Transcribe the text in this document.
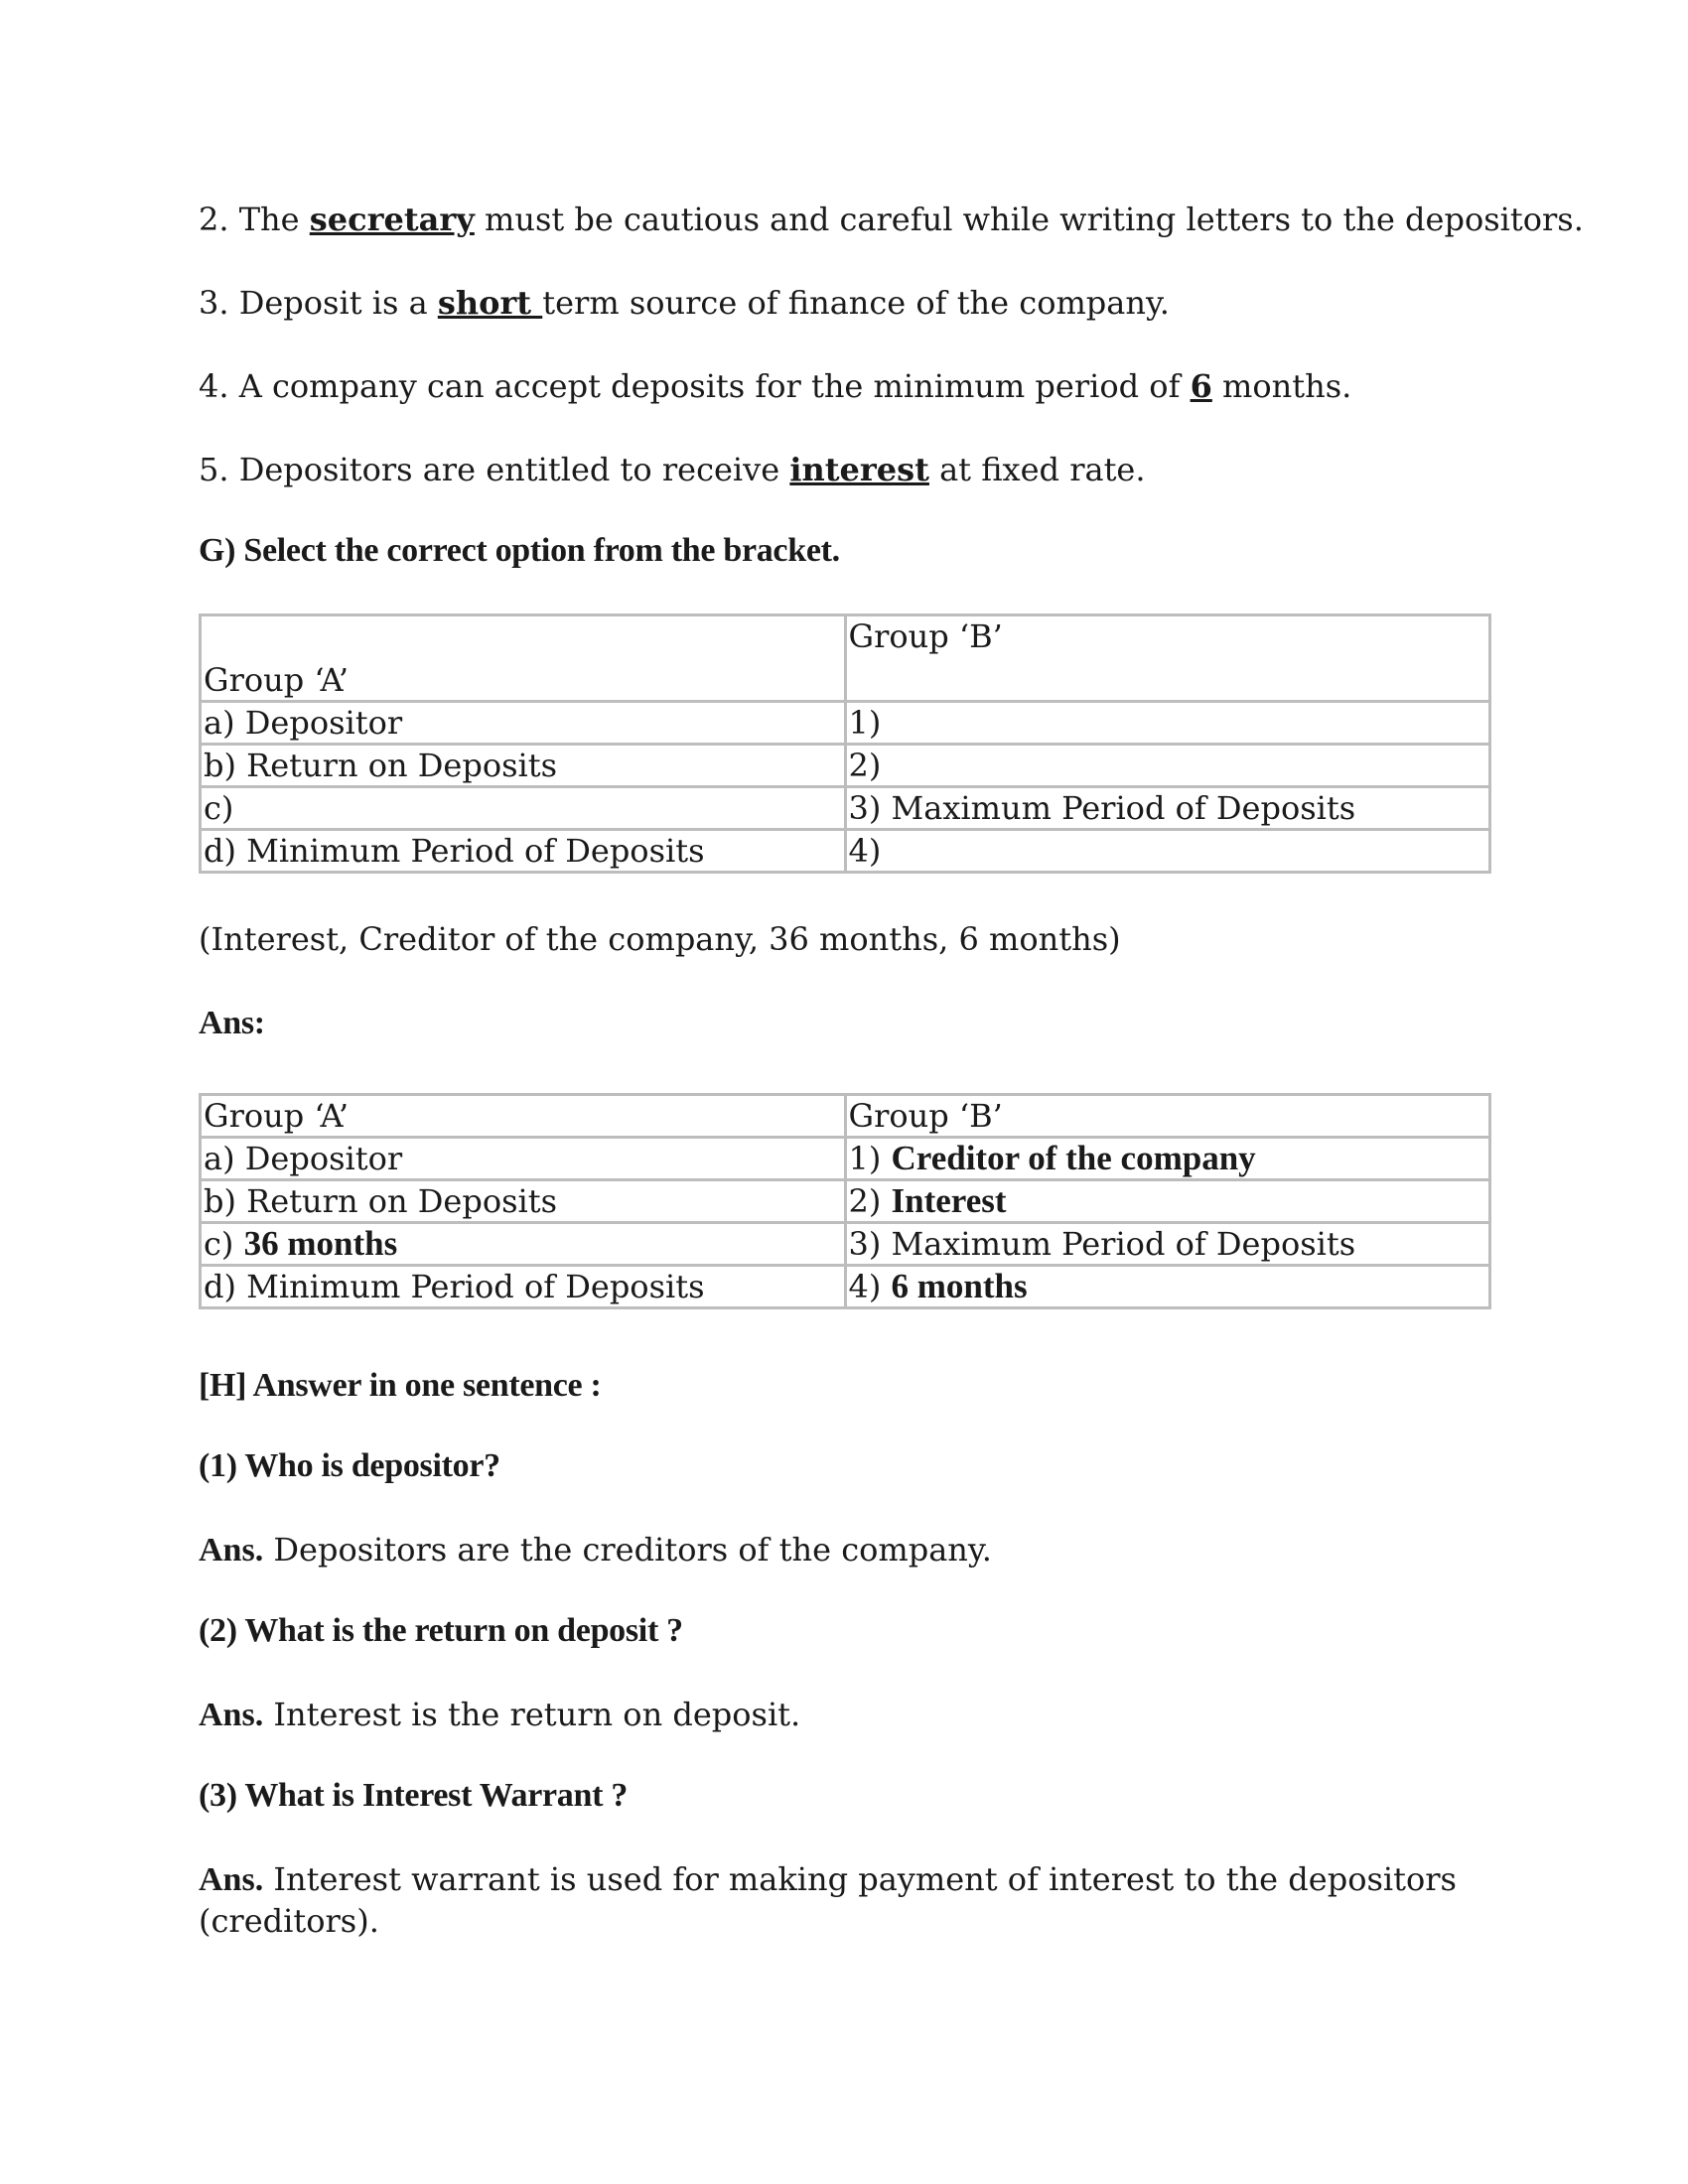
2. The secretary must be cautious and careful while writing letters to the depositors.
3. Deposit is a short term source of finance of the company.
4. A company can accept deposits for the minimum period of 6 months.
5. Depositors are entitled to receive interest at fixed rate.
G) Select the correct option from the bracket.
Group ‘A’	Group ‘B’
a) Depositor	1)
b) Return on Deposits	2)
c)	3) Maximum Period of Deposits
d) Minimum Period of Deposits	4)
(Interest, Creditor of the company, 36 months, 6 months)
Ans:
Group ‘A’	Group ‘B’
a) Depositor	1) Creditor of the company
b) Return on Deposits	2) Interest
c) 36 months	3) Maximum Period of Deposits
d) Minimum Period of Deposits	4) 6 months
[H] Answer in one sentence :
(1) Who is depositor?
Ans. Depositors are the creditors of the company.
(2) What is the return on deposit ?
Ans. Interest is the return on deposit.
(3) What is Interest Warrant ?
Ans. Interest warrant is used for making payment of interest to the depositors
(creditors).
